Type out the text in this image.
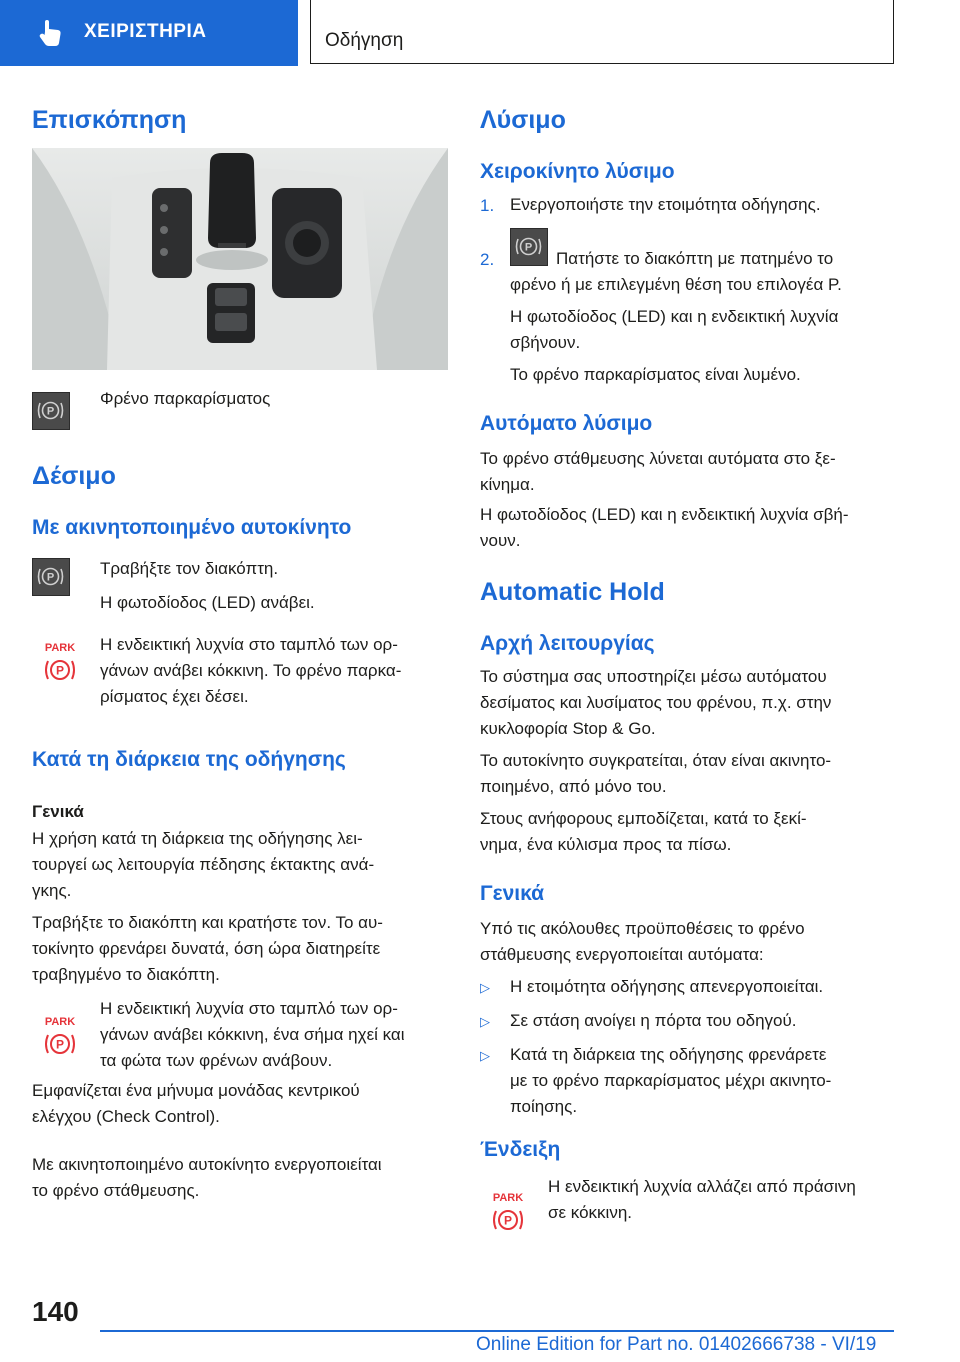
ΧΕΙΡΙΣΤΗΡΙΑ	Οδήγηση
Επισκόπηση
P
Φρένο παρκαρίσματος
Δέσιμο
Με ακινητοποιημένο αυτοκίνητο
P	Τραβήξτε τον διακόπτη.
Η φωτοδίοδος (LED) ανάβει.
PARK
P
Η ενδεικτική λυχνία στο ταμπλό των ορ-
γάνων ανάβει κόκκινη. Το φρένο παρκα-
ρίσματος έχει δέσει.
Κατά τη διάρκεια της οδήγησης
Γενικά
Η χρήση κατά τη διάρκεια της οδήγησης λει-
τουργεί ως λειτουργία πέδησης έκτακτης ανά-
γκης.
Τραβήξτε το διακόπτη και κρατήστε τον. Το αυ-
τοκίνητο φρενάρει δυνατά, όση ώρα διατηρείτε
τραβηγμένο το διακόπτη.
PARK
P
Η ενδεικτική λυχνία στο ταμπλό των ορ-
γάνων ανάβει κόκκινη, ένα σήμα ηχεί και
τα φώτα των φρένων ανάβουν.
Εμφανίζεται ένα μήνυμα μονάδας κεντρικού
ελέγχου (Check Control).
Με ακινητοποιημένο αυτοκίνητο ενεργοποιείται
το φρένο στάθμευσης.
Λύσιμο
Χειροκίνητο λύσιμο
1. Ενεργοποιήστε την ετοιμότητα οδήγησης.
2.
P
Πατήστε το διακόπτη με πατημένο το
φρένο ή με επιλεγμένη θέση του επιλογέα P.
Η φωτοδίοδος (LED) και η ενδεικτική λυχνία
σβήνουν.
Το φρένο παρκαρίσματος είναι λυμένο.
Αυτόματο λύσιμο
Το φρένο στάθμευσης λύνεται αυτόματα στο ξε-
κίνημα.
Η φωτοδίοδος (LED) και η ενδεικτική λυχνία σβή-
νουν.
Automatic Hold
Αρχή λειτουργίας
Το σύστημα σας υποστηρίζει μέσω αυτόματου
δεσίματος και λυσίματος του φρένου, π.χ. στην
κυκλοφορία Stop & Go.
Το αυτοκίνητο συγκρατείται, όταν είναι ακινητο-
ποιημένο, από μόνο του.
Στους ανήφορους εμποδίζεται, κατά το ξεκί-
νημα, ένα κύλισμα προς τα πίσω.
Γενικά
Υπό τις ακόλουθες προϋποθέσεις το φρένο
στάθμευσης ενεργοποιείται αυτόματα:
▷ Η ετοιμότητα οδήγησης απενεργοποιείται.
▷ Σε στάση ανοίγει η πόρτα του οδηγού.
▷ Κατά τη διάρκεια της οδήγησης φρενάρετε
με το φρένο παρκαρίσματος μέχρι ακινητο-
ποίησης.
Ένδειξη
PARK
P
Η ενδεικτική λυχνία αλλάζει από πράσινη
σε κόκκινη.
140
Online Edition for Part no. 01402666738 - VI/19
